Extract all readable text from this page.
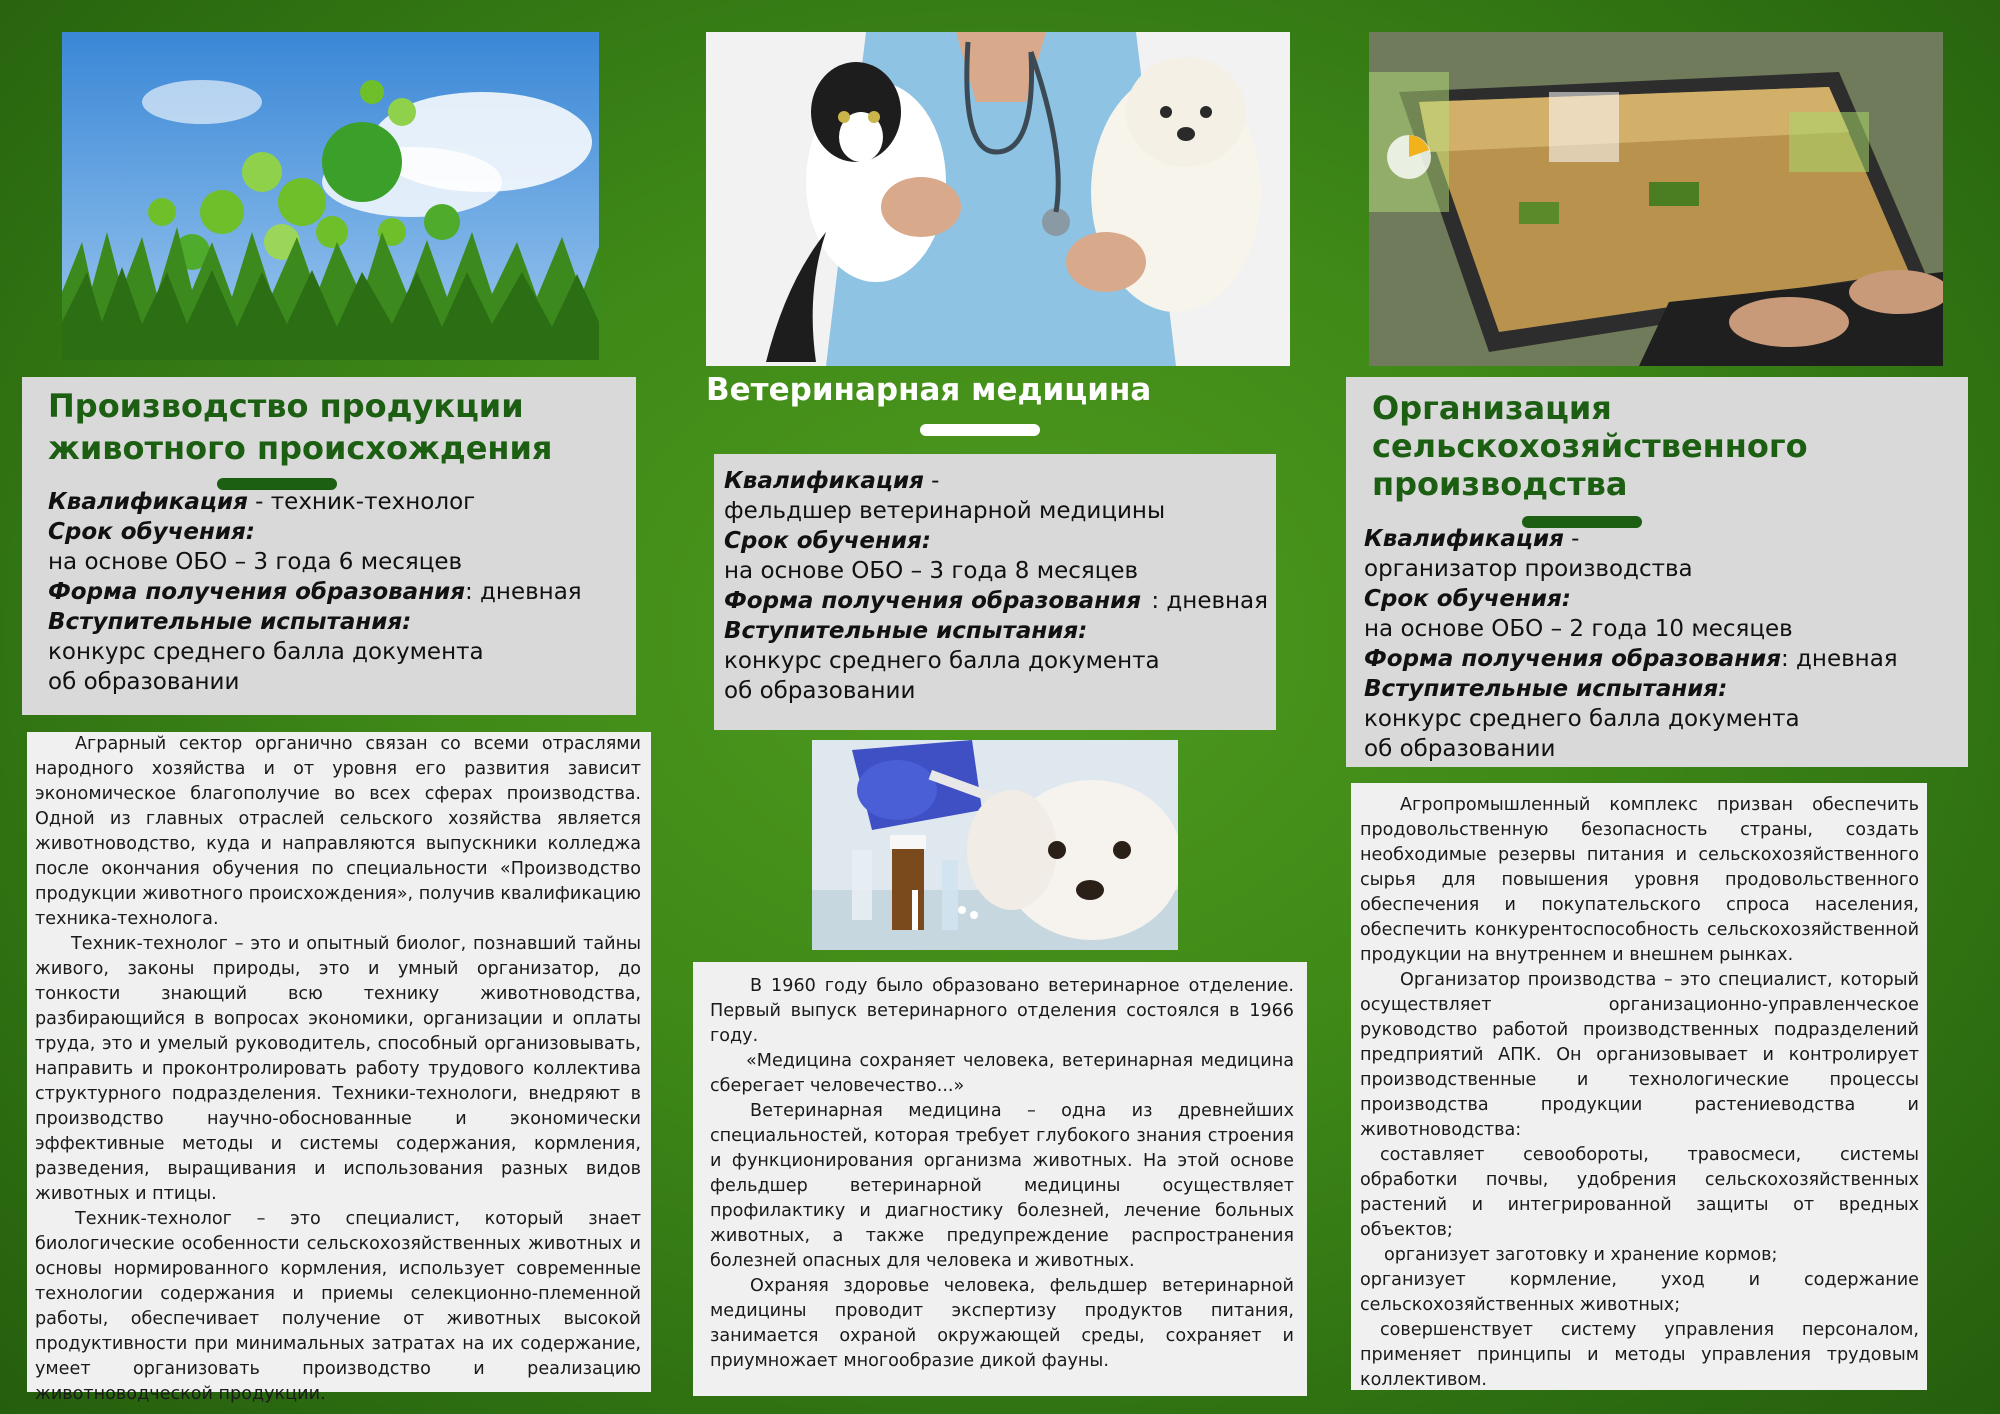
Производство продукции
животного происхождения

Квалификация - техник-технолог

Срок обучения:

на основе ОБО – 3 года 6 месяцев

Форма получения образования: дневная

Вступительные испытания:

конкурс среднего балла документа

об образовании

Аграрный сектор органично связан со всеми отраслями народного хозяйства и от уровня его развития зависит экономическое благополучие во всех сферах производства. Одной из главных отраслей сельского хозяйства является животноводство, куда и направляются выпускники колледжа после окончания обучения по специальности «Производство продукции животного происхождения», получив квалификацию техника-технолога.

Техник-технолог – это и опытный биолог, познавший тайны живого, законы природы, это и умный организатор, до тонкости знающий всю технику животноводства, разбирающийся в вопросах экономики, организации и оплаты труда, это и умелый руководитель, способный организовывать, направить и проконтролировать работу трудового коллектива структурного подразделения. Техники-технологи, внедряют в производство научно-обоснованные и экономически эффективные методы и системы содержания, кормления, разведения, выращивания и использования разных видов животных и птицы.

Техник-технолог – это специалист, который знает биологические особенности сельскохозяйственных животных и основы нормированного кормления, использует современные технологии содержания и приемы селекционно-племенной работы, обеспечивает получение от животных высокой продуктивности при минимальных затратах на их содержание, умеет организовать производство и реализацию животноводческой продукции.

Ветеринарная медицина

Квалификация -

фельдшер ветеринарной медицины

Срок обучения:

на основе ОБО – 3 года 8 месяцев

Форма получения образования : дневная

Вступительные испытания:

конкурс среднего балла документа

об образовании

В 1960 году было образовано ветеринарное отделение. Первый выпуск ветеринарного отделения состоялся в 1966 году.

«Медицина сохраняет человека, ветеринарная медицина сберегает человечество...»

Ветеринарная медицина – одна из древнейших специальностей, которая требует глубокого знания строения и функционирования организма животных. На этой основе фельдшер ветеринарной медицины осуществляет профилактику и диагностику болезней, лечение больных животных, а также предупреждение распространения болезней опасных для человека и животных.

Охраняя здоровье человека, фельдшер ветеринарной медицины проводит экспертизу продуктов питания, занимается охраной окружающей среды, сохраняет и приумножает многообразие дикой фауны.

Организация
сельскохозяйственного
производства

Квалификация -

организатор производства

Срок обучения:

на основе ОБО – 2 года 10 месяцев

Форма получения образования: дневная

Вступительные испытания:

конкурс среднего балла документа

об образовании

Агропромышленный комплекс призван обеспечить продовольственную безопасность страны, создать необходимые резервы питания и сельскохозяйственного сырья для повышения уровня продовольственного обеспечения и покупательского спроса населения, обеспечить конкурентоспособность сельскохозяйственной продукции на внутреннем и внешнем рынках.

Организатор производства – это специалист, который осуществляет организационно-управленческое руководство работой производственных подразделений предприятий АПК. Он организовывает и контролирует производственные и технологические процессы производства продукции растениеводства и животноводства:

составляет севообороты, травосмеси, системы обработки почвы, удобрения сельскохозяйственных растений и интегрированной защиты от вредных объектов;

организует заготовку и хранение кормов;

организует кормление, уход и содержание сельскохозяйственных животных;

совершенствует систему управления персоналом, применяет принципы и методы управления трудовым коллективом.
